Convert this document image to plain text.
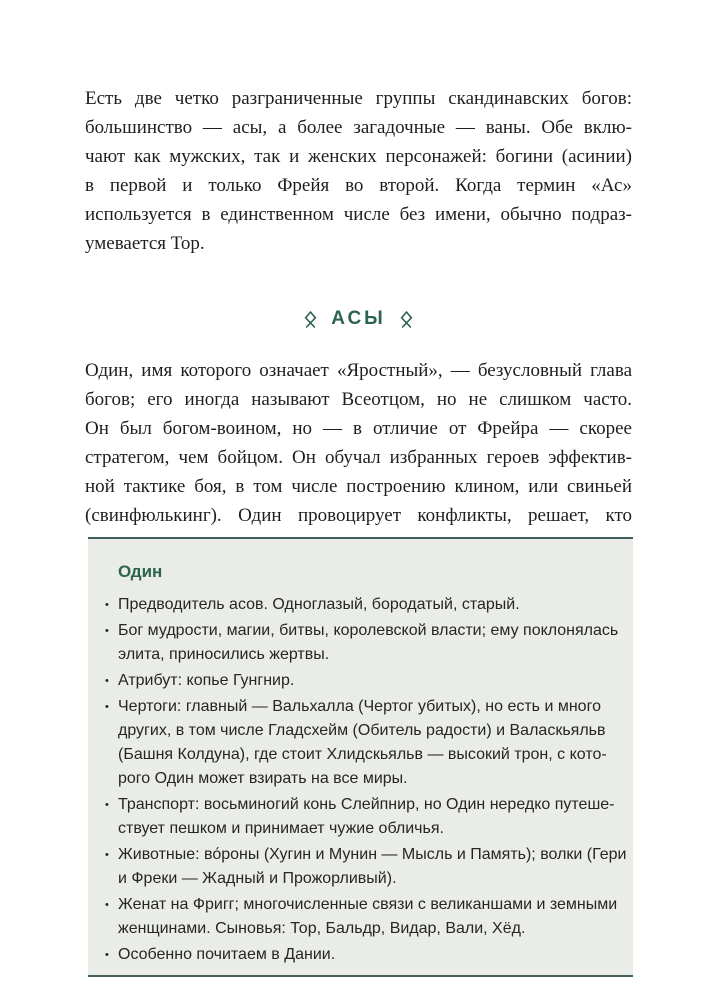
Есть две четко разграниченные группы скандинавских богов:
большинство — асы, а более загадочные — ваны. Обе вклю-
чают как мужских, так и женских персонажей: богини (асинии)
в первой и только Фрейя во второй. Когда термин «Ас»
используется в единственном числе без имени, обычно подраз-
умевается Тор.
АСЫ
Один, имя которого означает «Яростный», — безусловный глава
богов; его иногда называют Всеотцом, но не слишком часто.
Он был богом-воином, но — в отличие от Фрейра — скорее
стратегом, чем бойцом. Он обучал избранных героев эффектив-
ной тактике боя, в том числе построению клином, или свиньей
(свинфюлькинг). Один провоцирует конфликты, решает, кто
Один
• Предводитель асов. Одноглазый, бородатый, старый.
• Бог мудрости, магии, битвы, королевской власти; ему поклонялась
элита, приносились жертвы.
• Атрибут: копье Гунгнир.
• Чертоги: главный — Вальхалла (Чертог убитых), но есть и много
других, в том числе Гладсхейм (Обитель радости) и Валаскьяльв
(Башня Колдуна), где стоит Хлидскьяльв — высокий трон, с кото-
рого Один может взирать на все миры.
• Транспорт: восьминогий конь Слейпнир, но Один нередко путеше-
ствует пешком и принимает чужие обличья.
• Животные: во́роны (Хугин и Мунин — Мысль и Память); волки (Гери
и Фреки — Жадный и Прожорливый).
• Женат на Фригг; многочисленные связи с великаншами и земными
женщинами. Сыновья: Тор, Бальдр, Видар, Вали, Хёд.
• Особенно почитаем в Дании.
